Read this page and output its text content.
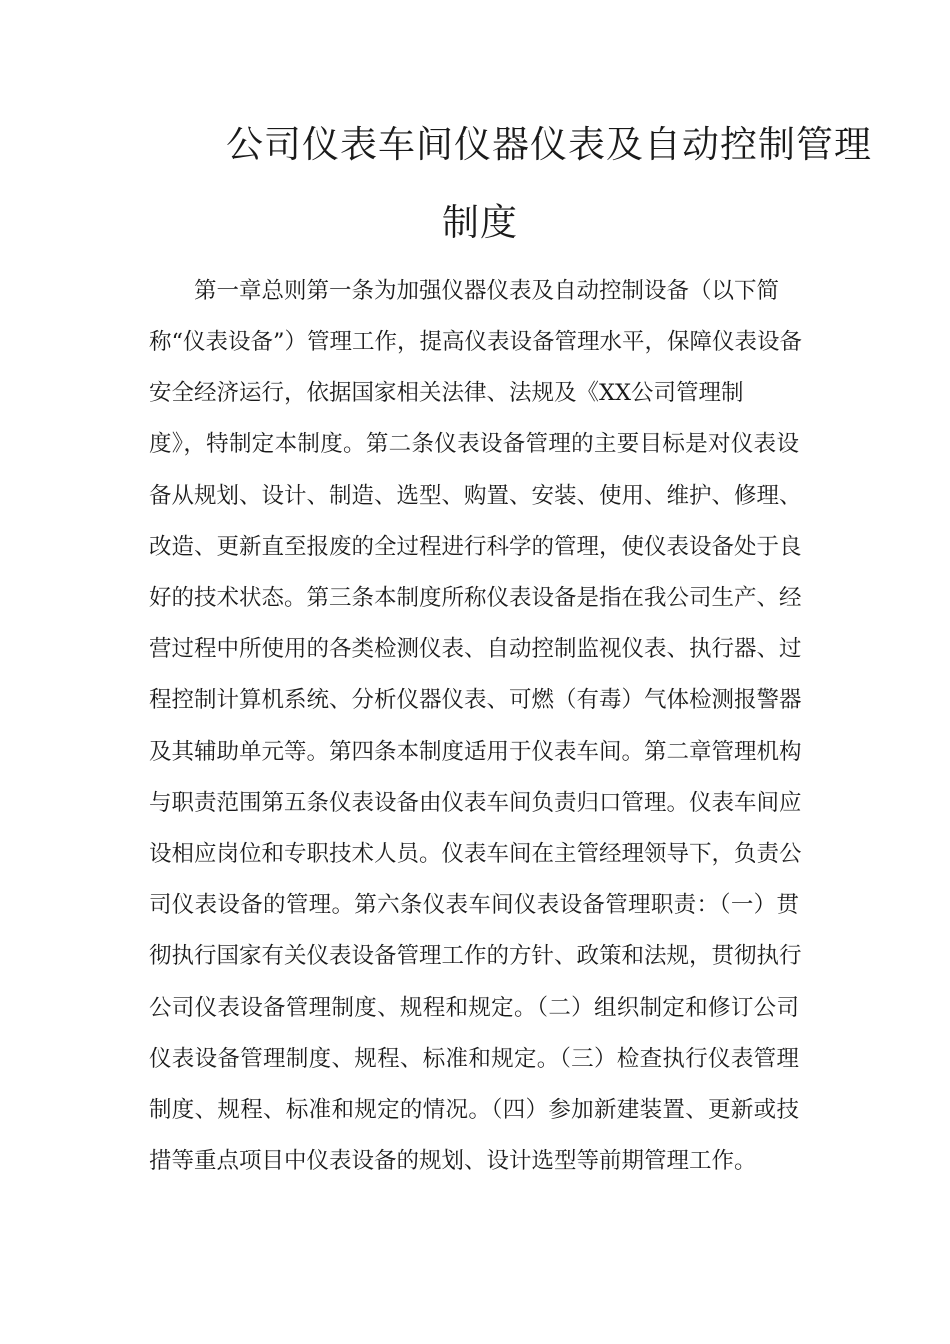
公司仪表车间仪器仪表及自动控制管理
制度
第一章总则第一条为加强仪器仪表及自动控制设备（以下简
称“仪表设备”）管理工作，提高仪表设备管理水平，保障仪表设备
安全经济运行，依据国家相关法律、法规及《XX公司管理制
度》，特制定本制度。第二条仪表设备管理的主要目标是对仪表设
备从规划、设计、制造、选型、购置、安装、使用、维护、修理、
改造、更新直至报废的全过程进行科学的管理，使仪表设备处于良
好的技术状态。第三条本制度所称仪表设备是指在我公司生产、经
营过程中所使用的各类检测仪表、自动控制监视仪表、执行器、过
程控制计算机系统、分析仪器仪表、可燃（有毒）气体检测报警器
及其辅助单元等。第四条本制度适用于仪表车间。第二章管理机构
与职责范围第五条仪表设备由仪表车间负责归口管理。仪表车间应
设相应岗位和专职技术人员。仪表车间在主管经理领导下，负责公
司仪表设备的管理。第六条仪表车间仪表设备管理职责：（一）贯
彻执行国家有关仪表设备管理工作的方针、政策和法规，贯彻执行
公司仪表设备管理制度、规程和规定。（二）组织制定和修订公司
仪表设备管理制度、规程、标准和规定。（三）检查执行仪表管理
制度、规程、标准和规定的情况。（四）参加新建装置、更新或技
措等重点项目中仪表设备的规划、设计选型等前期管理工作。
